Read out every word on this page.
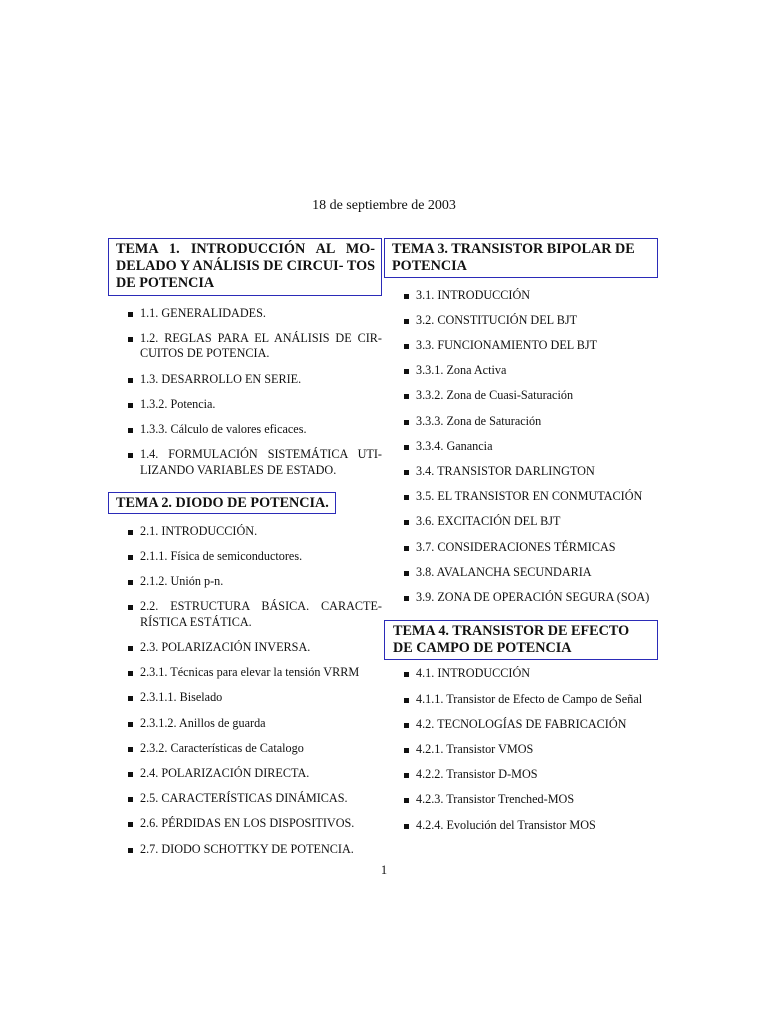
18 de septiembre de 2003
TEMA 1. INTRODUCCIÓN AL MO- DELADO Y ANÁLISIS DE CIRCUI- TOS DE POTENCIA
1.1. GENERALIDADES.
1.2. REGLAS PARA EL ANÁLISIS DE CIR- CUITOS DE POTENCIA.
1.3. DESARROLLO EN SERIE.
1.3.2. Potencia.
1.3.3. Cálculo de valores eficaces.
1.4. FORMULACIÓN SISTEMÁTICA UTI- LIZANDO VARIABLES DE ESTADO.
TEMA 2. DIODO DE POTENCIA.
2.1. INTRODUCCIÓN.
2.1.1. Física de semiconductores.
2.1.2. Unión p-n.
2.2. ESTRUCTURA BÁSICA. CARACTE- RÍSTICA ESTÁTICA.
2.3. POLARIZACIÓN INVERSA.
2.3.1. Técnicas para elevar la tensión VRRM
2.3.1.1. Biselado
2.3.1.2. Anillos de guarda
2.3.2. Características de Catalogo
2.4. POLARIZACIÓN DIRECTA.
2.5. CARACTERÍSTICAS DINÁMICAS.
2.6. PÉRDIDAS EN LOS DISPOSITIVOS.
2.7. DIODO SCHOTTKY DE POTENCIA.
TEMA 3. TRANSISTOR BIPOLAR DE POTENCIA
3.1. INTRODUCCIÓN
3.2. CONSTITUCIÓN DEL BJT
3.3. FUNCIONAMIENTO DEL BJT
3.3.1. Zona Activa
3.3.2. Zona de Cuasi-Saturación
3.3.3. Zona de Saturación
3.3.4. Ganancia
3.4. TRANSISTOR DARLINGTON
3.5. EL TRANSISTOR EN CONMUTACIÓN
3.6. EXCITACIÓN DEL BJT
3.7. CONSIDERACIONES TÉRMICAS
3.8. AVALANCHA SECUNDARIA
3.9. ZONA DE OPERACIÓN SEGURA (SOA)
TEMA 4. TRANSISTOR DE EFECTO DE CAMPO DE POTENCIA
4.1. INTRODUCCIÓN
4.1.1. Transistor de Efecto de Campo de Señal
4.2. TECNOLOGÍAS DE FABRICACIÓN
4.2.1. Transistor VMOS
4.2.2. Transistor D-MOS
4.2.3. Transistor Trenched-MOS
4.2.4. Evolución del Transistor MOS
1
